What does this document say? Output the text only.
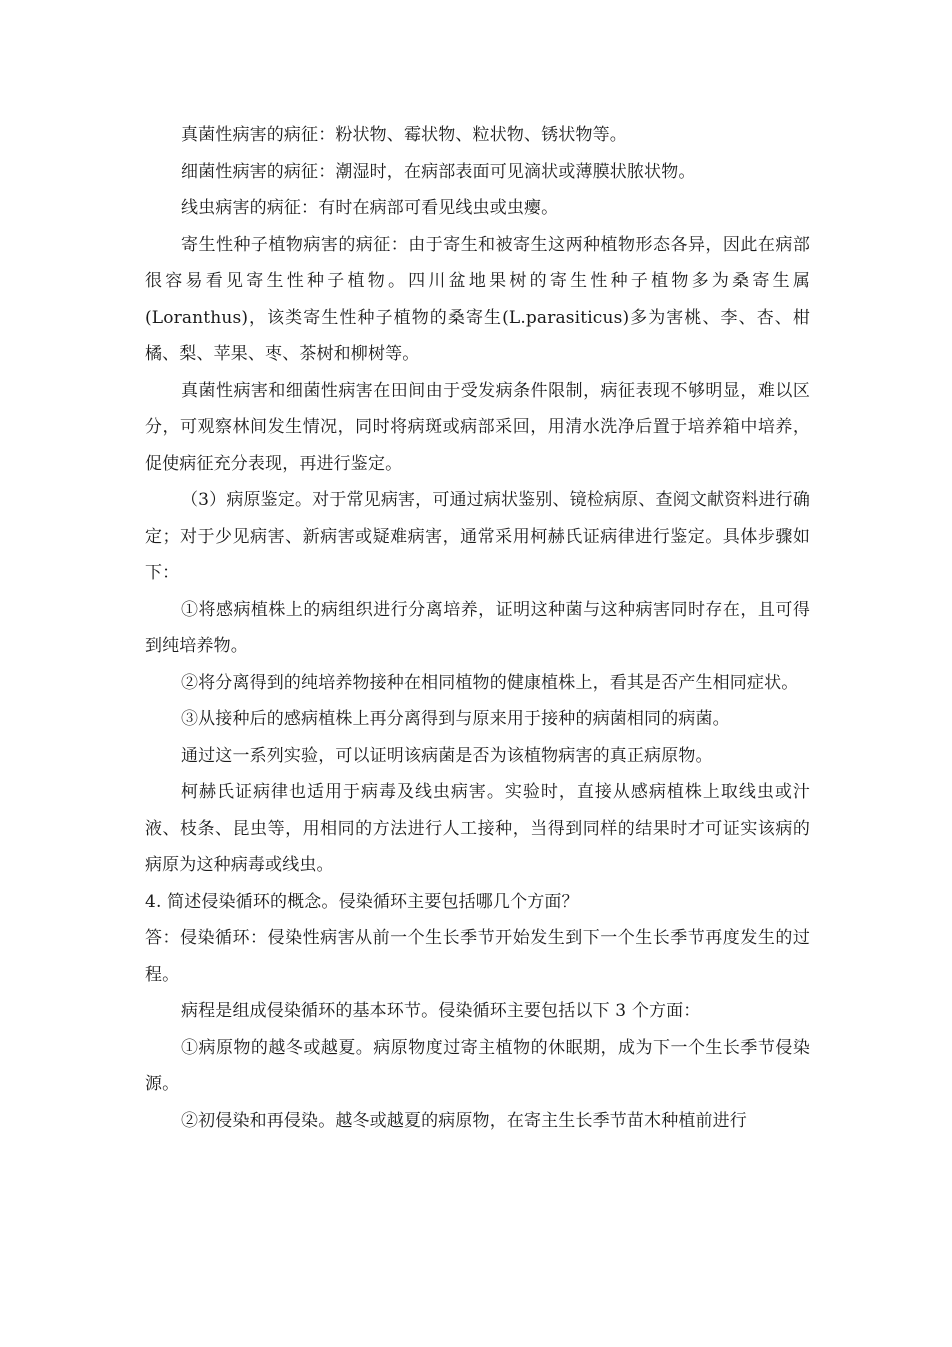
真菌性病害的病征：粉状物、霉状物、粒状物、锈状物等。

细菌性病害的病征：潮湿时，在病部表面可见滴状或薄膜状脓状物。

线虫病害的病征：有时在病部可看见线虫或虫瘿。

寄生性种子植物病害的病征：由于寄生和被寄生这两种植物形态各异，因此在病部很容易看见寄生性种子植物。四川盆地果树的寄生性种子植物多为桑寄生属(Loranthus)，该类寄生性种子植物的桑寄生(L.parasiticus)多为害桃、李、杏、柑橘、梨、苹果、枣、茶树和柳树等。

真菌性病害和细菌性病害在田间由于受发病条件限制，病征表现不够明显，难以区分，可观察林间发生情况，同时将病斑或病部采回，用清水洗净后置于培养箱中培养，促使病征充分表现，再进行鉴定。

（3）病原鉴定。对于常见病害，可通过病状鉴别、镜检病原、查阅文献资料进行确定；对于少见病害、新病害或疑难病害，通常采用柯赫氏证病律进行鉴定。具体步骤如下：

①将感病植株上的病组织进行分离培养，证明这种菌与这种病害同时存在，且可得到纯培养物。

②将分离得到的纯培养物接种在相同植物的健康植株上，看其是否产生相同症状。

③从接种后的感病植株上再分离得到与原来用于接种的病菌相同的病菌。

通过这一系列实验，可以证明该病菌是否为该植物病害的真正病原物。

柯赫氏证病律也适用于病毒及线虫病害。实验时，直接从感病植株上取线虫或汁液、枝条、昆虫等，用相同的方法进行人工接种，当得到同样的结果时才可证实该病的病原为这种病毒或线虫。

4. 简述侵染循环的概念。侵染循环主要包括哪几个方面？

答：侵染循环：侵染性病害从前一个生长季节开始发生到下一个生长季节再度发生的过程。

病程是组成侵染循环的基本环节。侵染循环主要包括以下 3 个方面：

①病原物的越冬或越夏。病原物度过寄主植物的休眠期，成为下一个生长季节侵染源。

②初侵染和再侵染。越冬或越夏的病原物，在寄主生长季节苗木种植前进行
